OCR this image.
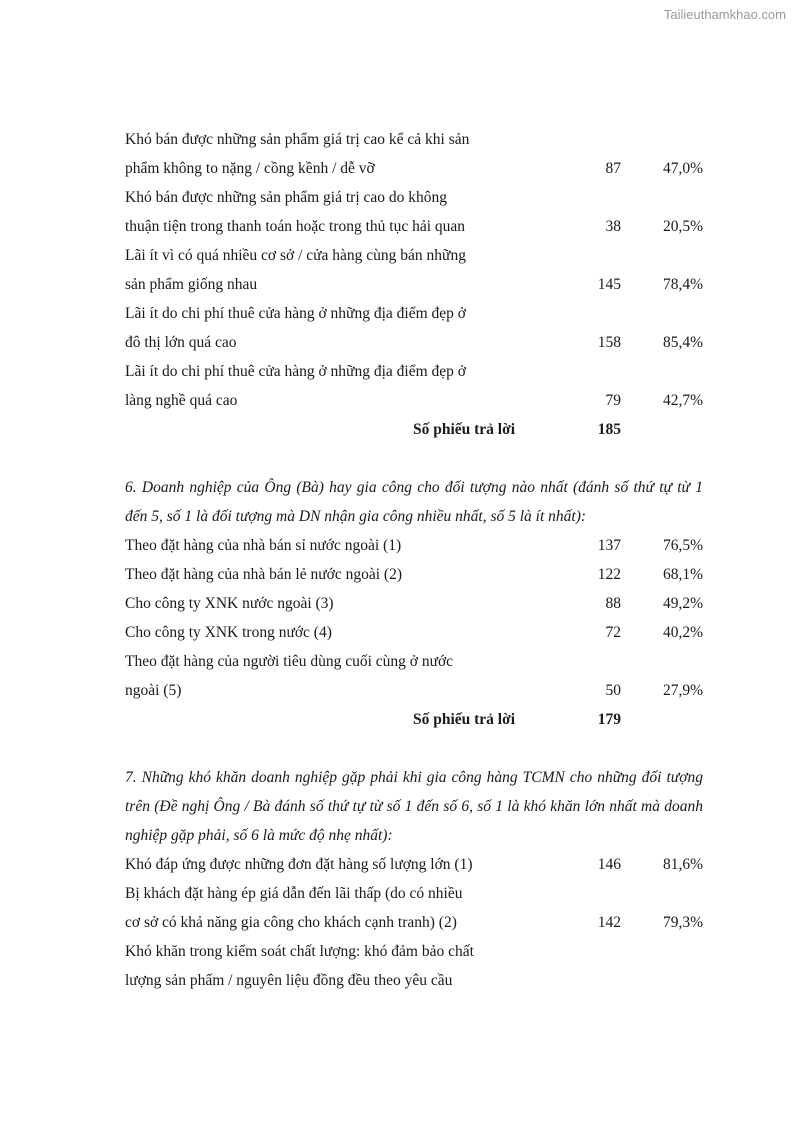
Tailieuthamkhao.com
Khó bán được những sản phẩm giá trị cao kể cả khi sản
phẩm không to nặng / cồng kềnh / dễ vỡ	87	47,0%
Khó bán được những sản phẩm giá trị cao do không
thuận tiện trong thanh toán hoặc trong thủ tục hải quan	38	20,5%
Lãi ít vì có quá nhiều cơ sở / cửa hàng cùng bán những
sản phẩm giống nhau	145	78,4%
Lãi ít do chi phí thuê cửa hàng ở những địa điểm đẹp ở
đô thị lớn quá cao	158	85,4%
Lãi ít do chi phí thuê cửa hàng ở những địa điểm đẹp ở
làng nghề quá cao	79	42,7%
Số phiếu trả lời	185
6. Doanh nghiệp của Ông (Bà) hay gia công cho đối tượng nào nhất (đánh số thứ tự từ 1 đến 5, số 1 là đối tượng mà DN nhận gia công nhiều nhất, số 5 là ít nhất):
Theo đặt hàng của nhà bán sỉ nước ngoài (1)	137	76,5%
Theo đặt hàng của nhà bán lẻ nước ngoài (2)	122	68,1%
Cho công ty XNK nước ngoài (3)	88	49,2%
Cho công ty XNK trong nước (4)	72	40,2%
Theo đặt hàng của người tiêu dùng cuối cùng ở nước
ngoài (5)	50	27,9%
Số phiếu trả lời	179
7. Những khó khăn doanh nghiệp gặp phải khi gia công hàng TCMN cho những đối tượng trên (Đề nghị Ông / Bà đánh số thứ tự từ số 1 đến số 6, số 1 là khó khăn lớn nhất mà doanh nghiệp gặp phải, số 6 là mức độ nhẹ nhất):
Khó đáp ứng được những đơn đặt hàng số lượng lớn (1)	146	81,6%
Bị khách đặt hàng ép giá dẫn đến lãi thấp (do có nhiều
cơ sở có khả năng gia công cho khách cạnh tranh) (2)	142	79,3%
Khó khăn trong kiểm soát chất lượng: khó đảm bảo chất
lượng sản phẩm / nguyên liệu đồng đều theo yêu cầu
